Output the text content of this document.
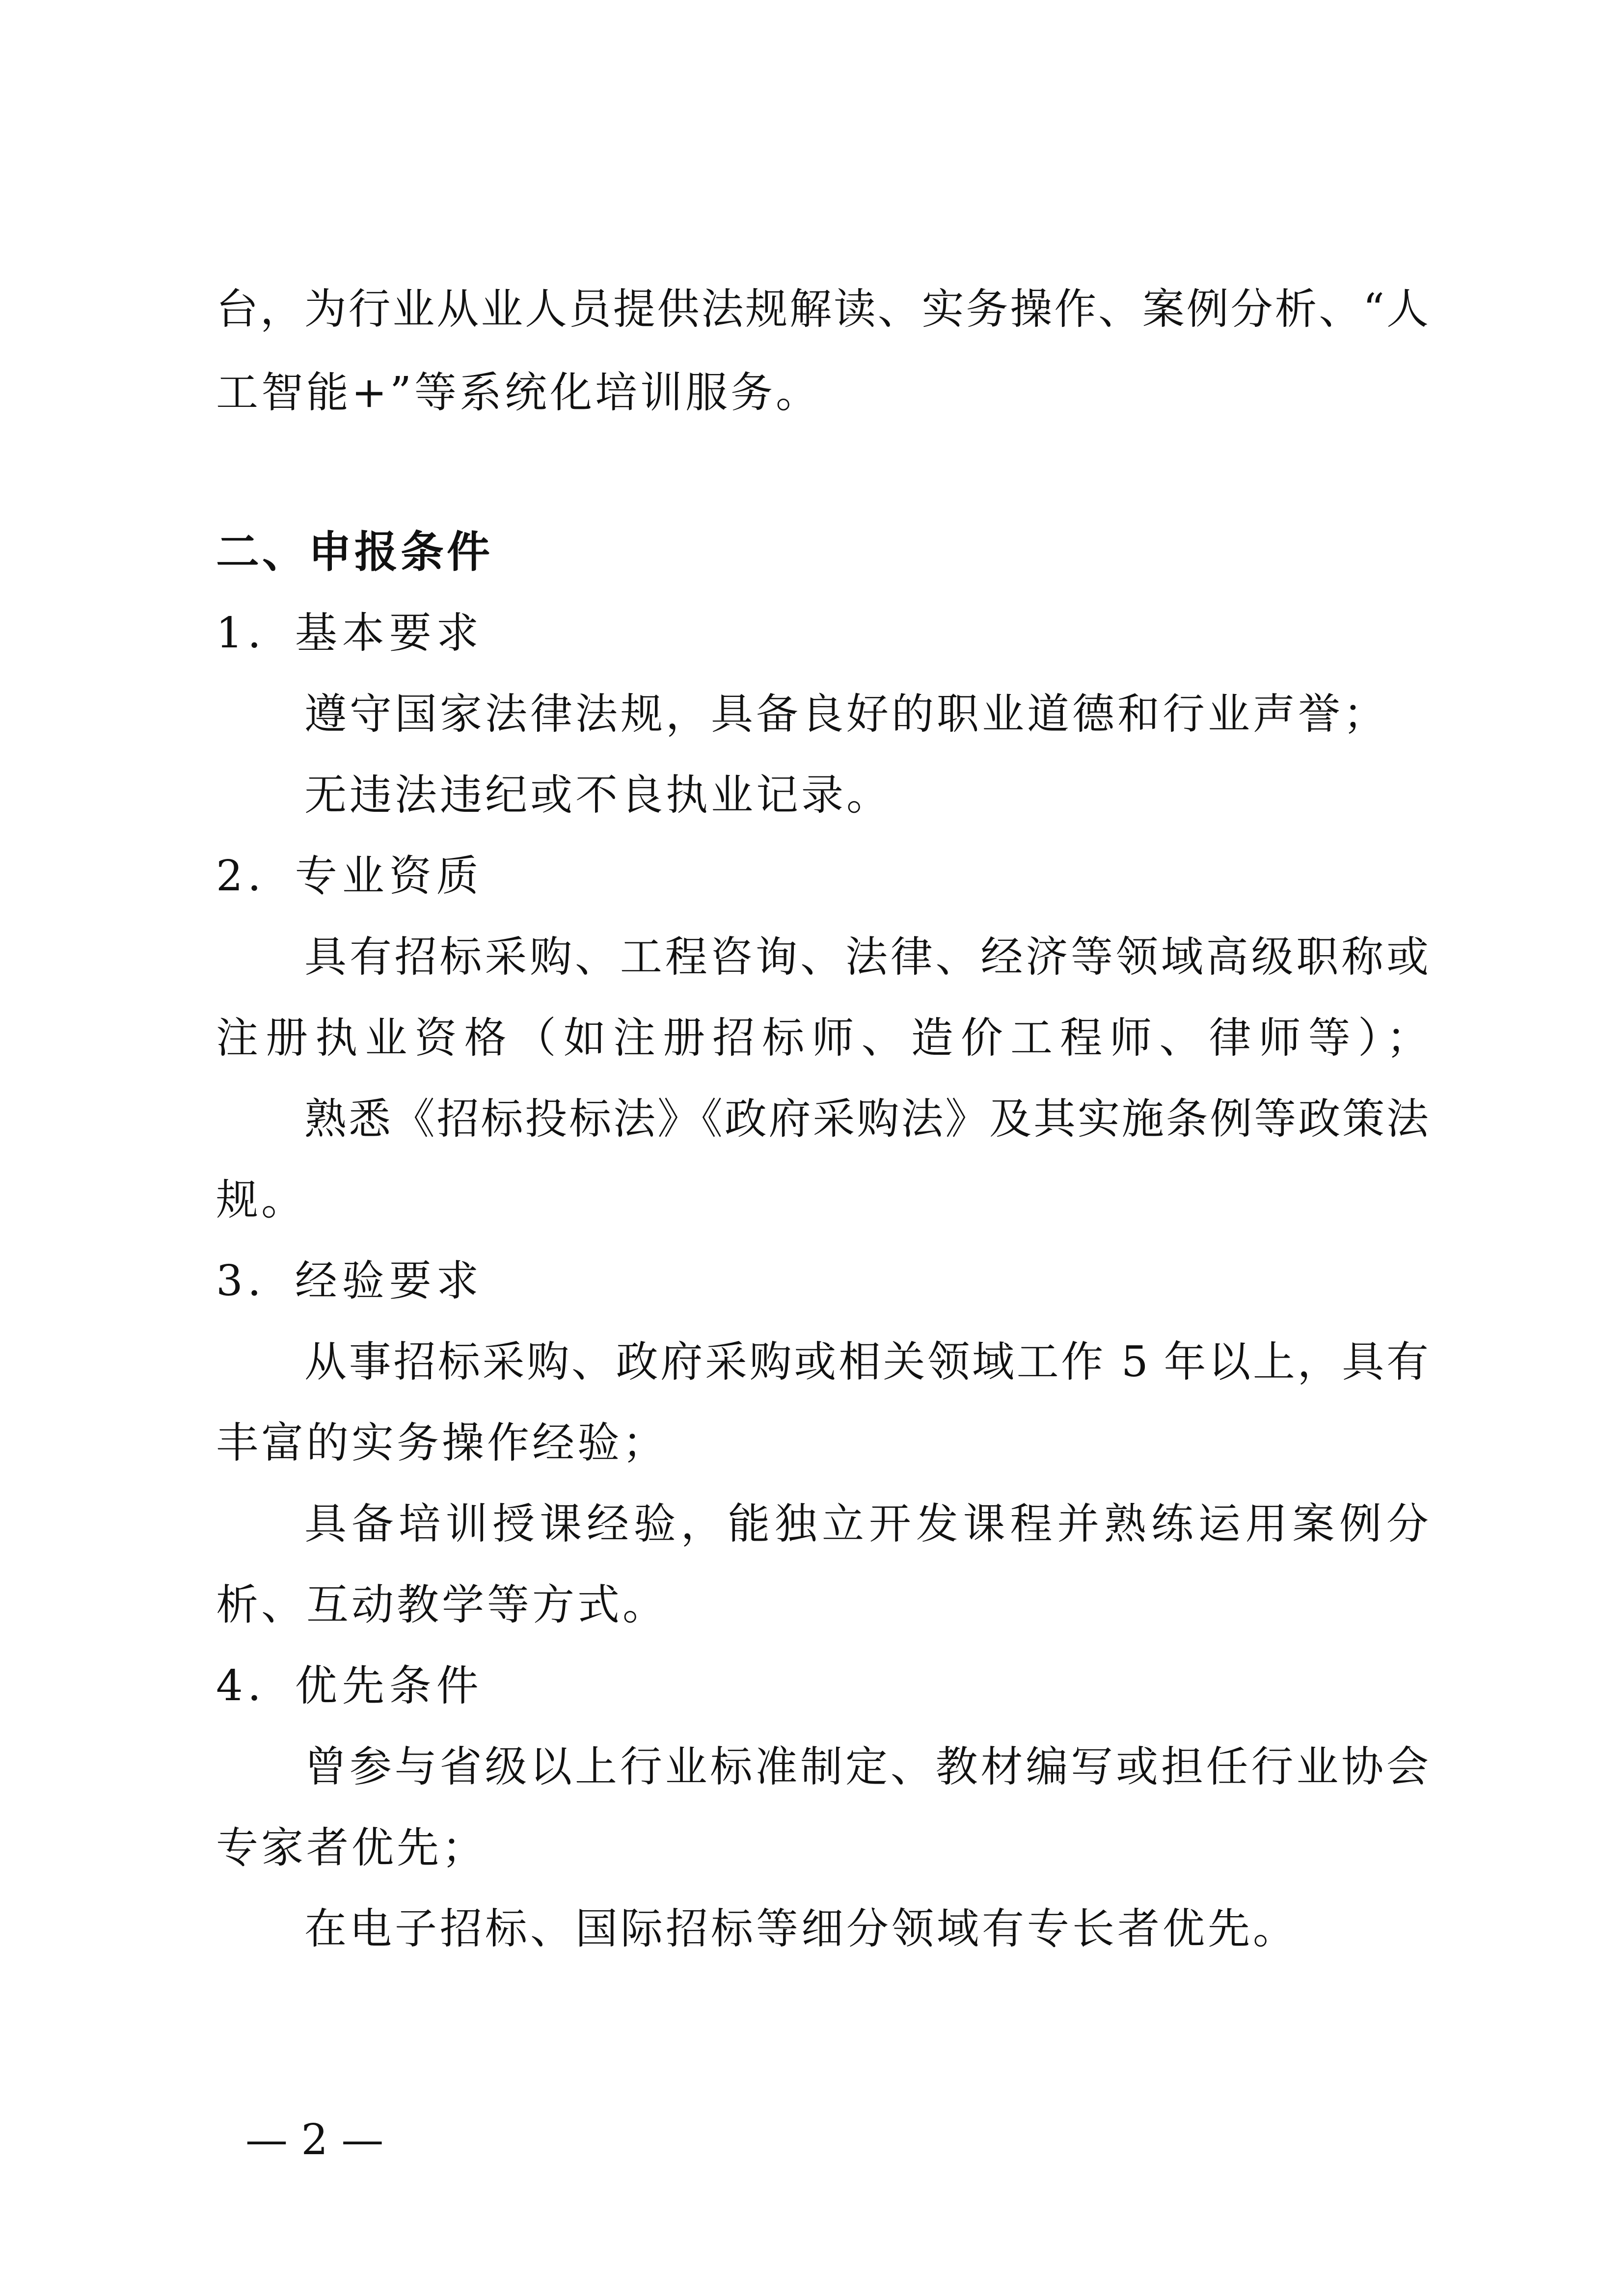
台，为行业从业人员提供法规解读、实务操作、案例分析、“人
工智能+”等系统化培训服务。
二、申报条件
1．基本要求
遵守国家法律法规，具备良好的职业道德和行业声誉；
无违法违纪或不良执业记录。
2．专业资质
具有招标采购、工程咨询、法律、经济等领域高级职称或
注册执业资格（如注册招标师、造价工程师、律师等）；
熟悉《招标投标法》《政府采购法》及其实施条例等政策法
规。
3．经验要求
从事招标采购、政府采购或相关领域工作 5 年以上，具有
丰富的实务操作经验；
具备培训授课经验，能独立开发课程并熟练运用案例分
析、互动教学等方式。
4．优先条件
曾参与省级以上行业标准制定、教材编写或担任行业协会
专家者优先；
在电子招标、国际招标等细分领域有专长者优先。
— 2 —
